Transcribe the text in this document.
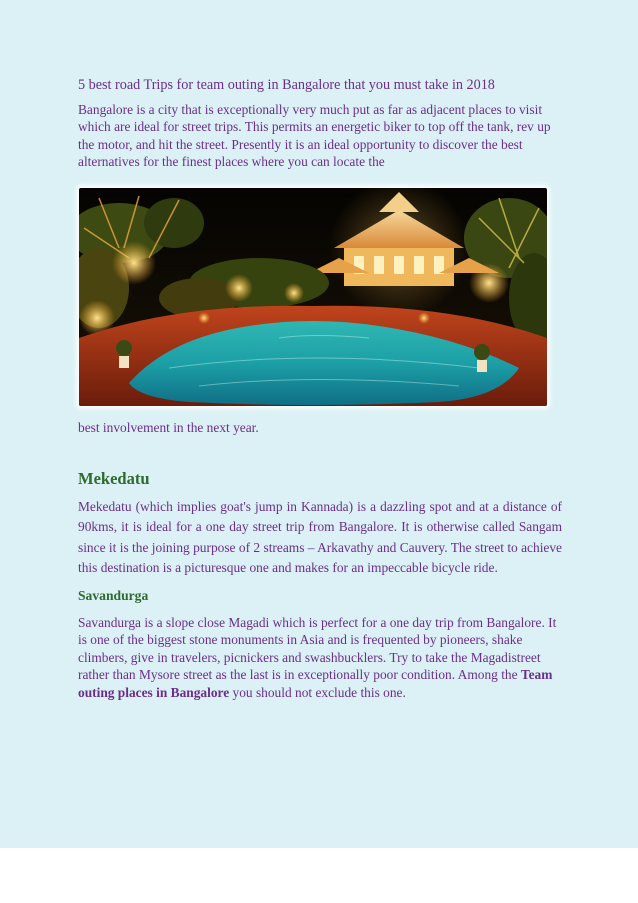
5 best road Trips for team outing in Bangalore that you must take in 2018

Bangalore is a city that is exceptionally very much put as far as adjacent places to visit which are ideal for street trips. This permits an energetic biker to top off the tank, rev up the motor, and hit the street. Presently it is an ideal opportunity to discover the best alternatives for the finest places where you can locate the

best involvement in the next year.

Mekedatu

Mekedatu (which implies goat's jump in Kannada) is a dazzling spot and at a distance of 90kms, it is ideal for a one day street trip from Bangalore. It is otherwise called Sangam since it is the joining purpose of 2 streams – Arkavathy and Cauvery. The street to achieve this destination is a picturesque one and makes for an impeccable bicycle ride.

Savandurga

Savandurga is a slope close Magadi which is perfect for a one day trip from Bangalore. It is one of the biggest stone monuments in Asia and is frequented by pioneers, shake climbers, give in travelers, picnickers and swashbucklers. Try to take the Magadistreet rather than Mysore street as the last is in exceptionally poor condition. Among the Team outing places in Bangalore you should not exclude this one.
